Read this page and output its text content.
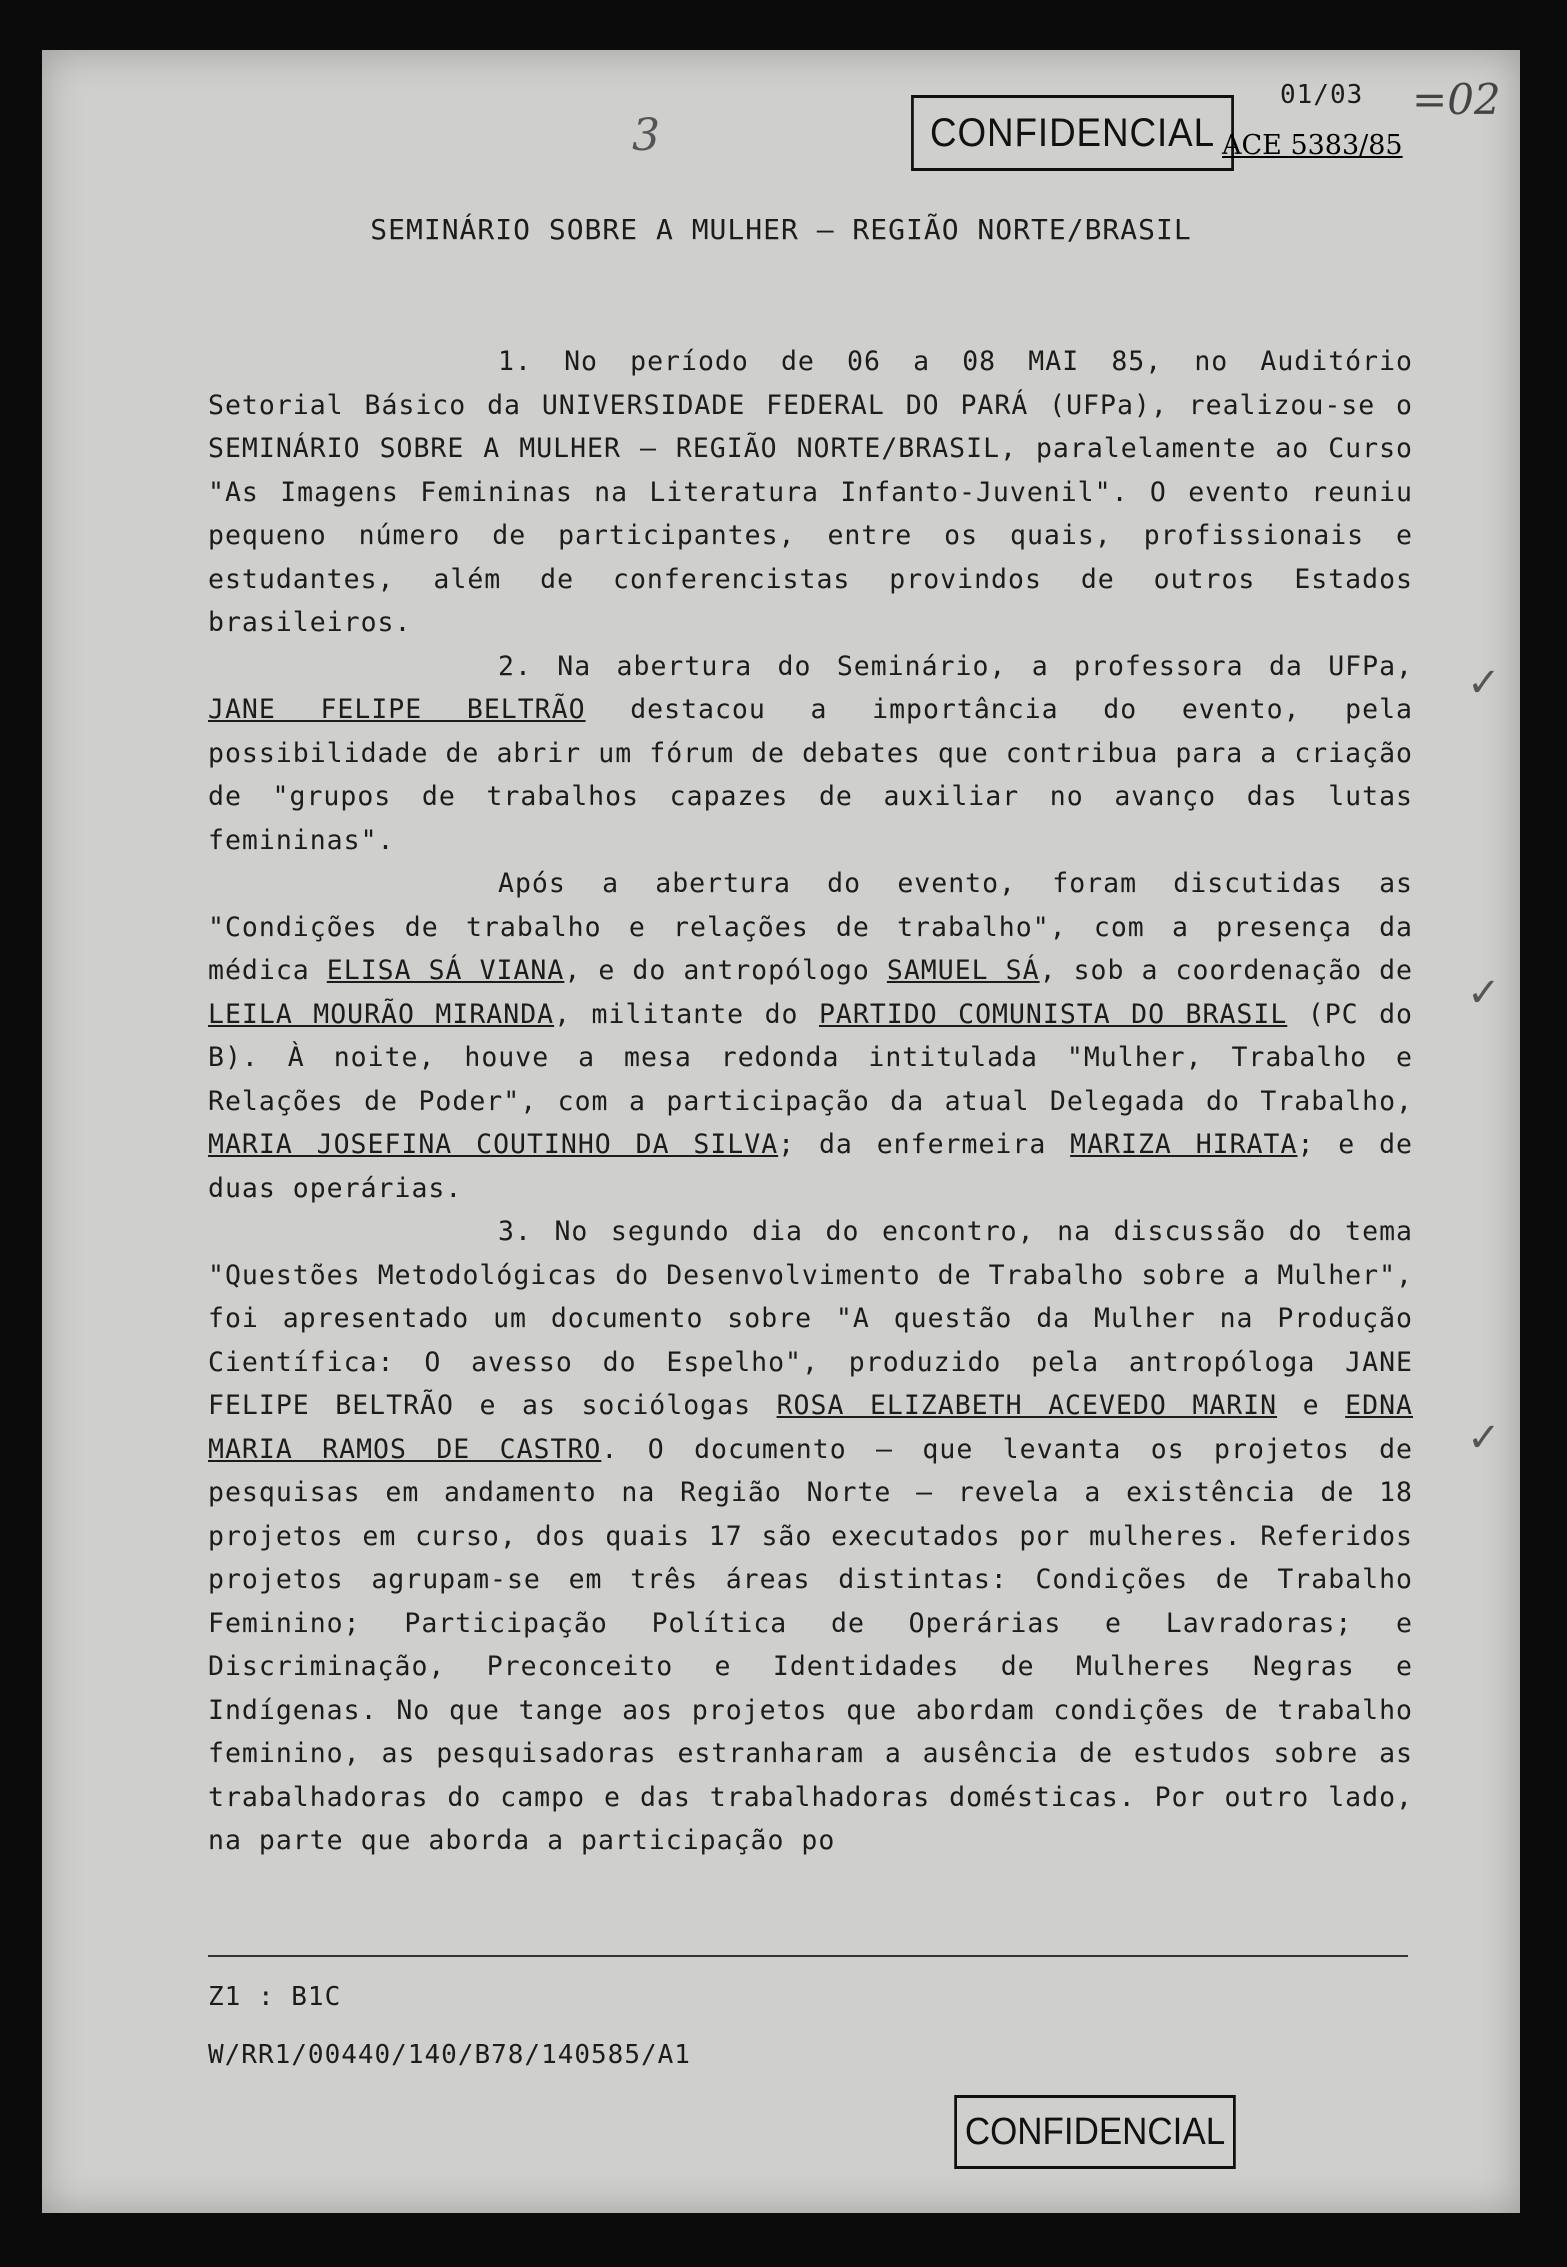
CONFIDENCIAL
01/03
ACE 5383/85
3
=02
SEMINÁRIO SOBRE A MULHER — REGIÃO NORTE/BRASIL

1. No período de 06 a 08 MAI 85, no Auditório Setorial Básico da UNIVERSIDADE FEDERAL DO PARÁ (UFPa), realizou-se o SEMINÁRIO SOBRE A MULHER — REGIÃO NORTE/BRASIL, paralelamente ao Curso "As Imagens Femininas na Literatura Infanto-Juvenil". O evento reuniu pequeno número de participantes, entre os quais, profissionais e estudantes, além de conferencistas provindos de outros Estados brasileiros.

2. Na abertura do Seminário, a professora da UFPa, JANE FELIPE BELTRÃO destacou a importância do evento, pela possibilidade de abrir um fórum de debates que contribua para a criação de "grupos de trabalhos capazes de auxiliar no avanço das lutas femininas".

Após a abertura do evento, foram discutidas as "Condições de trabalho e relações de trabalho", com a presença da médica ELISA SÁ VIANA, e do antropólogo SAMUEL SÁ, sob a coordenação de LEILA MOURÃO MIRANDA, militante do PARTIDO COMUNISTA DO BRASIL (PC do B). À noite, houve a mesa redonda intitulada "Mulher, Trabalho e Relações de Poder", com a participação da atual Delegada do Trabalho, MARIA JOSEFINA COUTINHO DA SILVA; da enfermeira MARIZA HIRATA; e de duas operárias.

3. No segundo dia do encontro, na discussão do tema "Questões Metodológicas do Desenvolvimento de Trabalho sobre a Mulher", foi apresentado um documento sobre "A questão da Mulher na Produção Científica: O avesso do Espelho", produzido pela antropóloga JANE FELIPE BELTRÃO e as sociólogas ROSA ELIZABETH ACEVEDO MARIN e EDNA MARIA RAMOS DE CASTRO. O documento — que levanta os projetos de pesquisas em andamento na Região Norte — revela a existência de 18 projetos em curso, dos quais 17 são executados por mulheres. Referidos projetos agrupam-se em três áreas distintas: Condições de Trabalho Feminino; Participação Política de Operárias e Lavradoras; e Discriminação, Preconceito e Identidades de Mulheres Negras e Indígenas. No que tange aos projetos que abordam condições de trabalho feminino, as pesquisadoras estranharam a ausência de estudos sobre as trabalhadoras do campo e das trabalhadoras domésticas. Por outro lado, na parte que aborda a participação po

✓
✓
✓
Z1 : B1C
W/RR1/00440/140/B78/140585/A1
CONFIDENCIAL
